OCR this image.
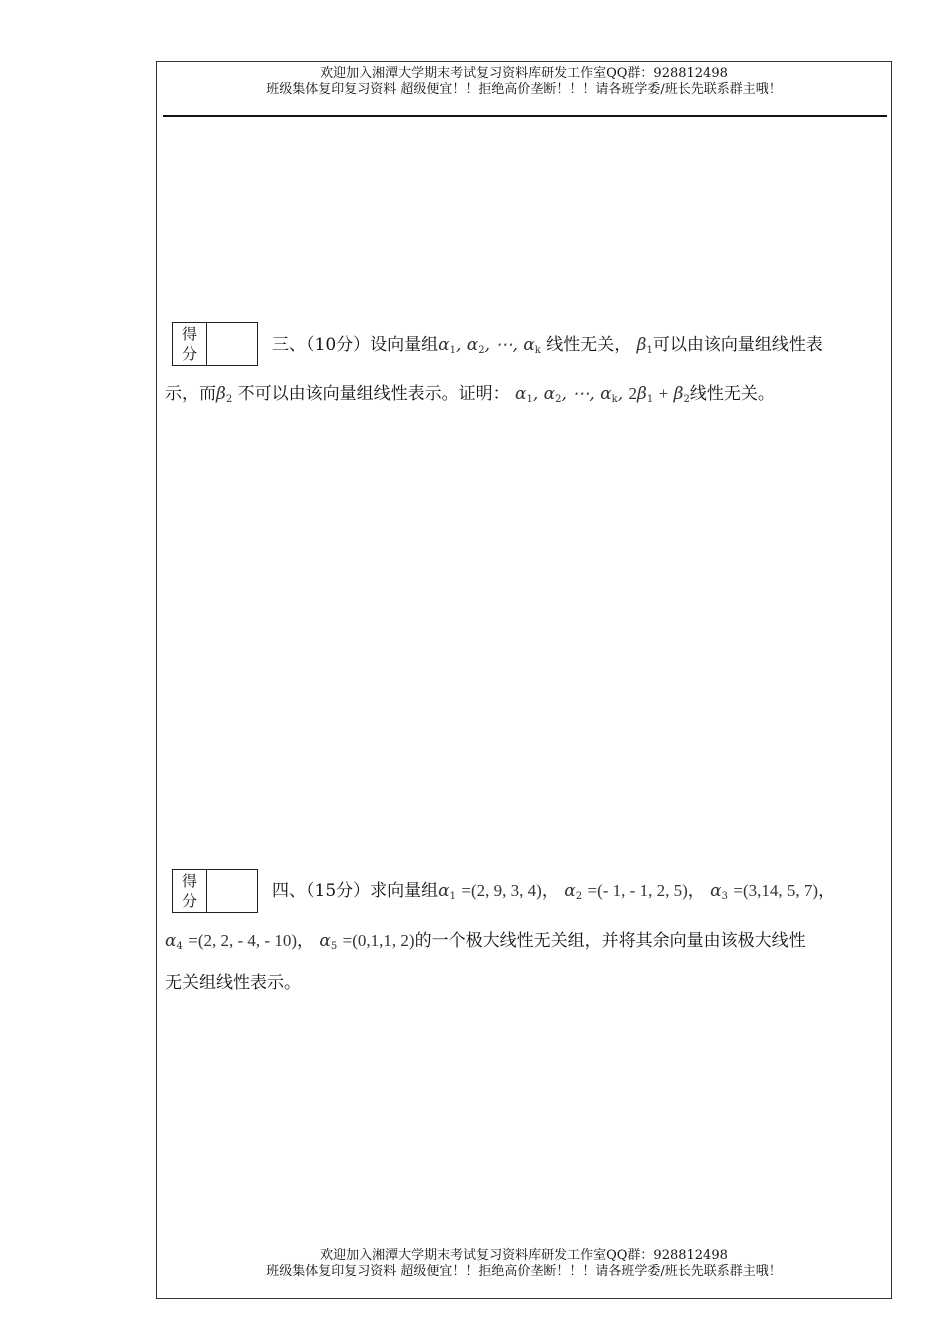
欢迎加入湘潭大学期末考试复习资料库研发工作室QQ群：928812498
班级集体复印复习资料 超级便宜！！拒绝高价垄断！！！请各班学委/班长先联系群主哦！
得
分	三、（10分）设向量组$\alpha_1$, $\alpha_2$, ⋯, $\alpha_k$ 线性无关， $\beta_1$可以由该向量组线性表
示，而$\beta_2$ 不可以由该向量组线性表示。证明： $\alpha_1$, $\alpha_2$, ⋯, $\alpha_k$, $2\beta_1 + \beta_2$线性无关。
得
分	四、（15分）求向量组$\alpha_1 =(2$, 9, 3, 4)， $\alpha_2$ =(- 1, - 1, 2, 5)， $\alpha_3 =(3,14$, 5, 7)，
$\alpha_4 =(2$, 2, - 4, - 10)， $\alpha_5 =(0,1,1$, 2)的一个极大线性无关组，并将其余向量由该极大线性
无关组线性表示。
欢迎加入湘潭大学期末考试复习资料库研发工作室QQ群：928812498
班级集体复印复习资料 超级便宜！！拒绝高价垄断！！！请各班学委/班长先联系群主哦！
